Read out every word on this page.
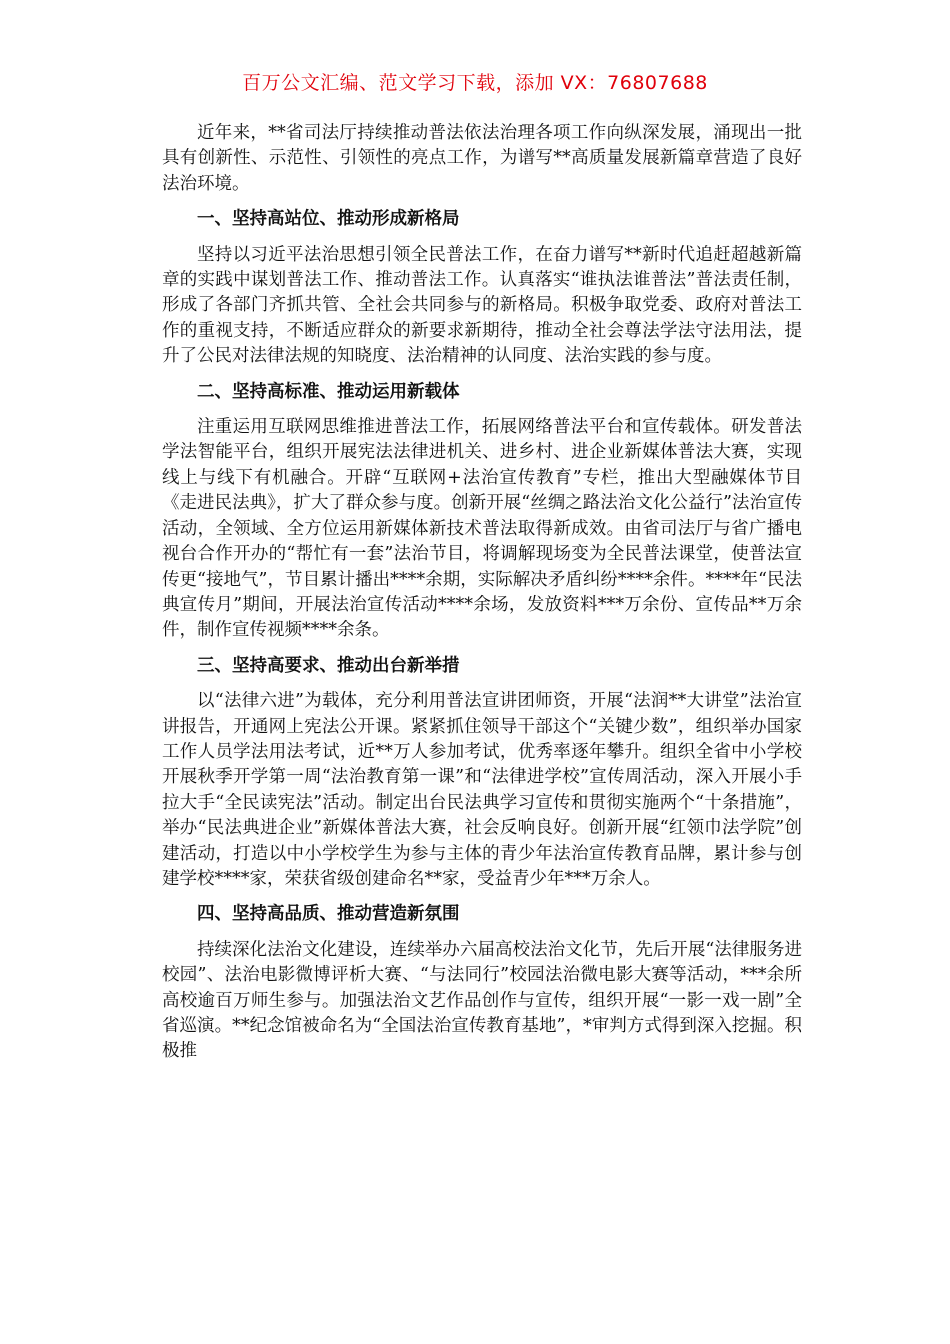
百万公文汇编、范文学习下载，添加 VX：76807688

近年来，**省司法厅持续推动普法依法治理各项工作向纵深发展，涌现出一批具有创新性、示范性、引领性的亮点工作，为谱写**高质量发展新篇章营造了良好法治环境。

一、坚持高站位、推动形成新格局

坚持以习近平法治思想引领全民普法工作，在奋力谱写**新时代追赶超越新篇章的实践中谋划普法工作、推动普法工作。认真落实“谁执法谁普法”普法责任制，形成了各部门齐抓共管、全社会共同参与的新格局。积极争取党委、政府对普法工作的重视支持，不断适应群众的新要求新期待，推动全社会尊法学法守法用法，提升了公民对法律法规的知晓度、法治精神的认同度、法治实践的参与度。

二、坚持高标准、推动运用新载体

注重运用互联网思维推进普法工作，拓展网络普法平台和宣传载体。研发普法学法智能平台，组织开展宪法法律进机关、进乡村、进企业新媒体普法大赛，实现线上与线下有机融合。开辟“互联网+法治宣传教育”专栏，推出大型融媒体节目《走进民法典》，扩大了群众参与度。创新开展“丝绸之路法治文化公益行”法治宣传活动，全领域、全方位运用新媒体新技术普法取得新成效。由省司法厅与省广播电视台合作开办的“帮忙有一套”法治节目，将调解现场变为全民普法课堂，使普法宣传更“接地气”，节目累计播出****余期，实际解决矛盾纠纷****余件。****年“民法典宣传月”期间，开展法治宣传活动****余场，发放资料***万余份、宣传品**万余件，制作宣传视频****余条。

三、坚持高要求、推动出台新举措

以“法律六进”为载体，充分利用普法宣讲团师资，开展“法润**大讲堂”法治宣讲报告，开通网上宪法公开课。紧紧抓住领导干部这个“关键少数”，组织举办国家工作人员学法用法考试，近**万人参加考试，优秀率逐年攀升。组织全省中小学校开展秋季开学第一周“法治教育第一课”和“法律进学校”宣传周活动，深入开展小手拉大手“全民读宪法”活动。制定出台民法典学习宣传和贯彻实施两个“十条措施”，举办“民法典进企业”新媒体普法大赛，社会反响良好。创新开展“红领巾法学院”创建活动，打造以中小学校学生为参与主体的青少年法治宣传教育品牌，累计参与创建学校****家，荣获省级创建命名**家，受益青少年***万余人。

四、坚持高品质、推动营造新氛围

持续深化法治文化建设，连续举办六届高校法治文化节，先后开展“法律服务进校园”、法治电影微博评析大赛、“与法同行”校园法治微电影大赛等活动，***余所高校逾百万师生参与。加强法治文艺作品创作与宣传，组织开展“一影一戏一剧”全省巡演。**纪念馆被命名为“全国法治宣传教育基地”，*审判方式得到深入挖掘。积极推
